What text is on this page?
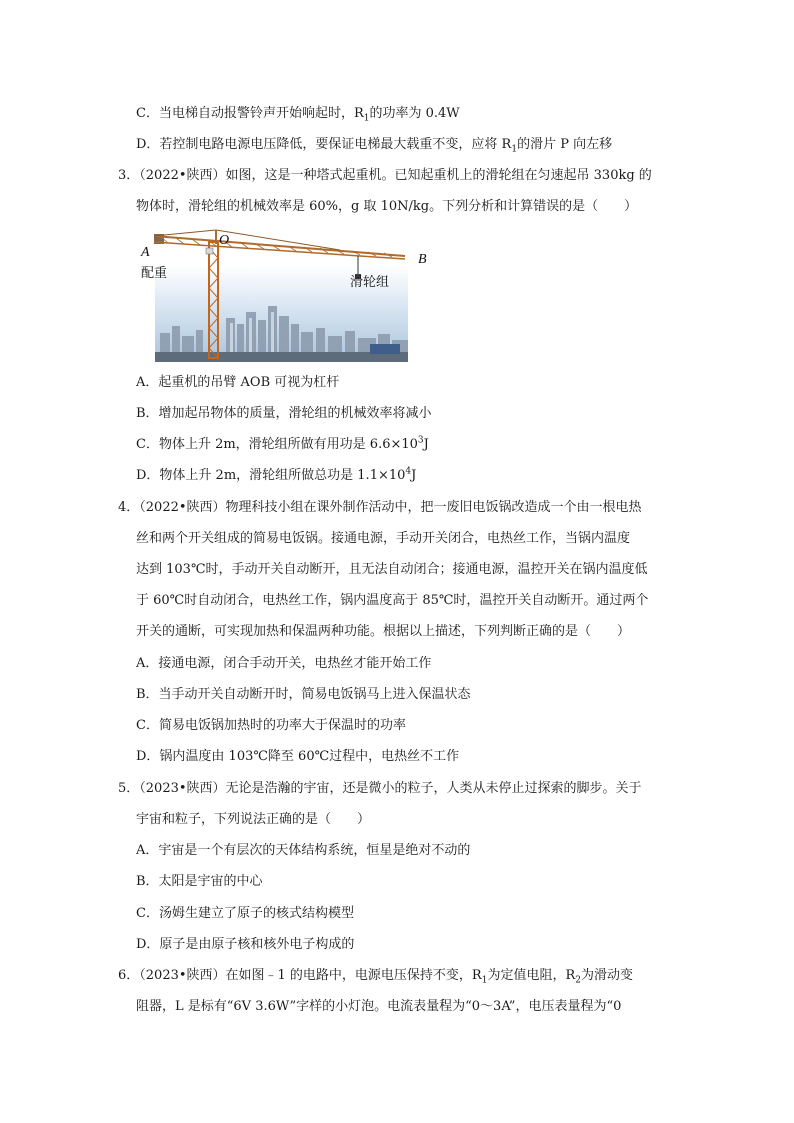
C．当电梯自动报警铃声开始响起时，$R_1$的功率为 0.4W
D．若控制电路电源电压降低，要保证电梯最大载重不变，应将 $R_1$的滑片 P 向左移
3．（2022•陕西）如图，这是一种塔式起重机。已知起重机上的滑轮组在匀速起吊 330kg 的
物体时，滑轮组的机械效率是 60%，g 取 10N/kg。下列分析和计算错误的是（　　）
A
O
B
配重
滑轮组
A．起重机的吊臂 AOB 可视为杠杆
B．增加起吊物体的质量，滑轮组的机械效率将减小
C．物体上升 2m，滑轮组所做有用功是 $6.6\times 10^3J$
D．物体上升 2m，滑轮组所做总功是 $1.1\times 10^4J$
4．（2022•陕西）物理科技小组在课外制作活动中，把一废旧电饭锅改造成一个由一根电热
丝和两个开关组成的简易电饭锅。接通电源，手动开关闭合，电热丝工作，当锅内温度
达到 103℃时，手动开关自动断开，且无法自动闭合；接通电源，温控开关在锅内温度低
于 60℃时自动闭合，电热丝工作，锅内温度高于 85℃时，温控开关自动断开。通过两个
开关的通断，可实现加热和保温两种功能。根据以上描述，下列判断正确的是（　　）
A．接通电源，闭合手动开关，电热丝才能开始工作
B．当手动开关自动断开时，简易电饭锅马上进入保温状态
C．简易电饭锅加热时的功率大于保温时的功率
D．锅内温度由 103℃降至 60℃过程中，电热丝不工作
5．（2023•陕西）无论是浩瀚的宇宙，还是微小的粒子，人类从未停止过探索的脚步。关于
宇宙和粒子，下列说法正确的是（　　）
A．宇宙是一个有层次的天体结构系统，恒星是绝对不动的
B．太阳是宇宙的中心
C．汤姆生建立了原子的核式结构模型
D．原子是由原子核和核外电子构成的
6．（2023•陕西）在如图﹣1 的电路中，电源电压保持不变，$R_1$为定值电阻，$R_2$为滑动变
阻器，L 是标有“6V 3.6W”字样的小灯泡。电流表量程为“0～3A”，电压表量程为“0
